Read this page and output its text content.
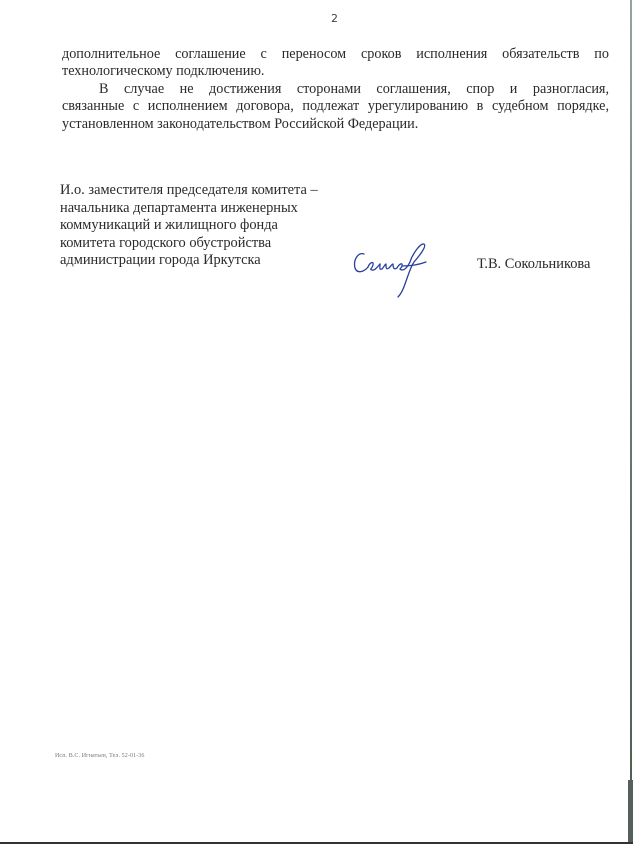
2

дополнительное соглашение с переносом сроков исполнения обязательств по

технологическому подключению.

В случае не достижения сторонами соглашения, спор и разногласия,

связанные с исполнением договора, подлежат урегулированию в судебном порядке,

установленном законодательством Российской Федерации.

И.о. заместителя председателя комитета –
начальника департамента инженерных
коммуникаций и жилищного фонда
комитета городского обустройства
администрации города Иркутска	Т.В. Сокольникова
Исп. В.С. Игнатьев, Тел. 52-01-36
